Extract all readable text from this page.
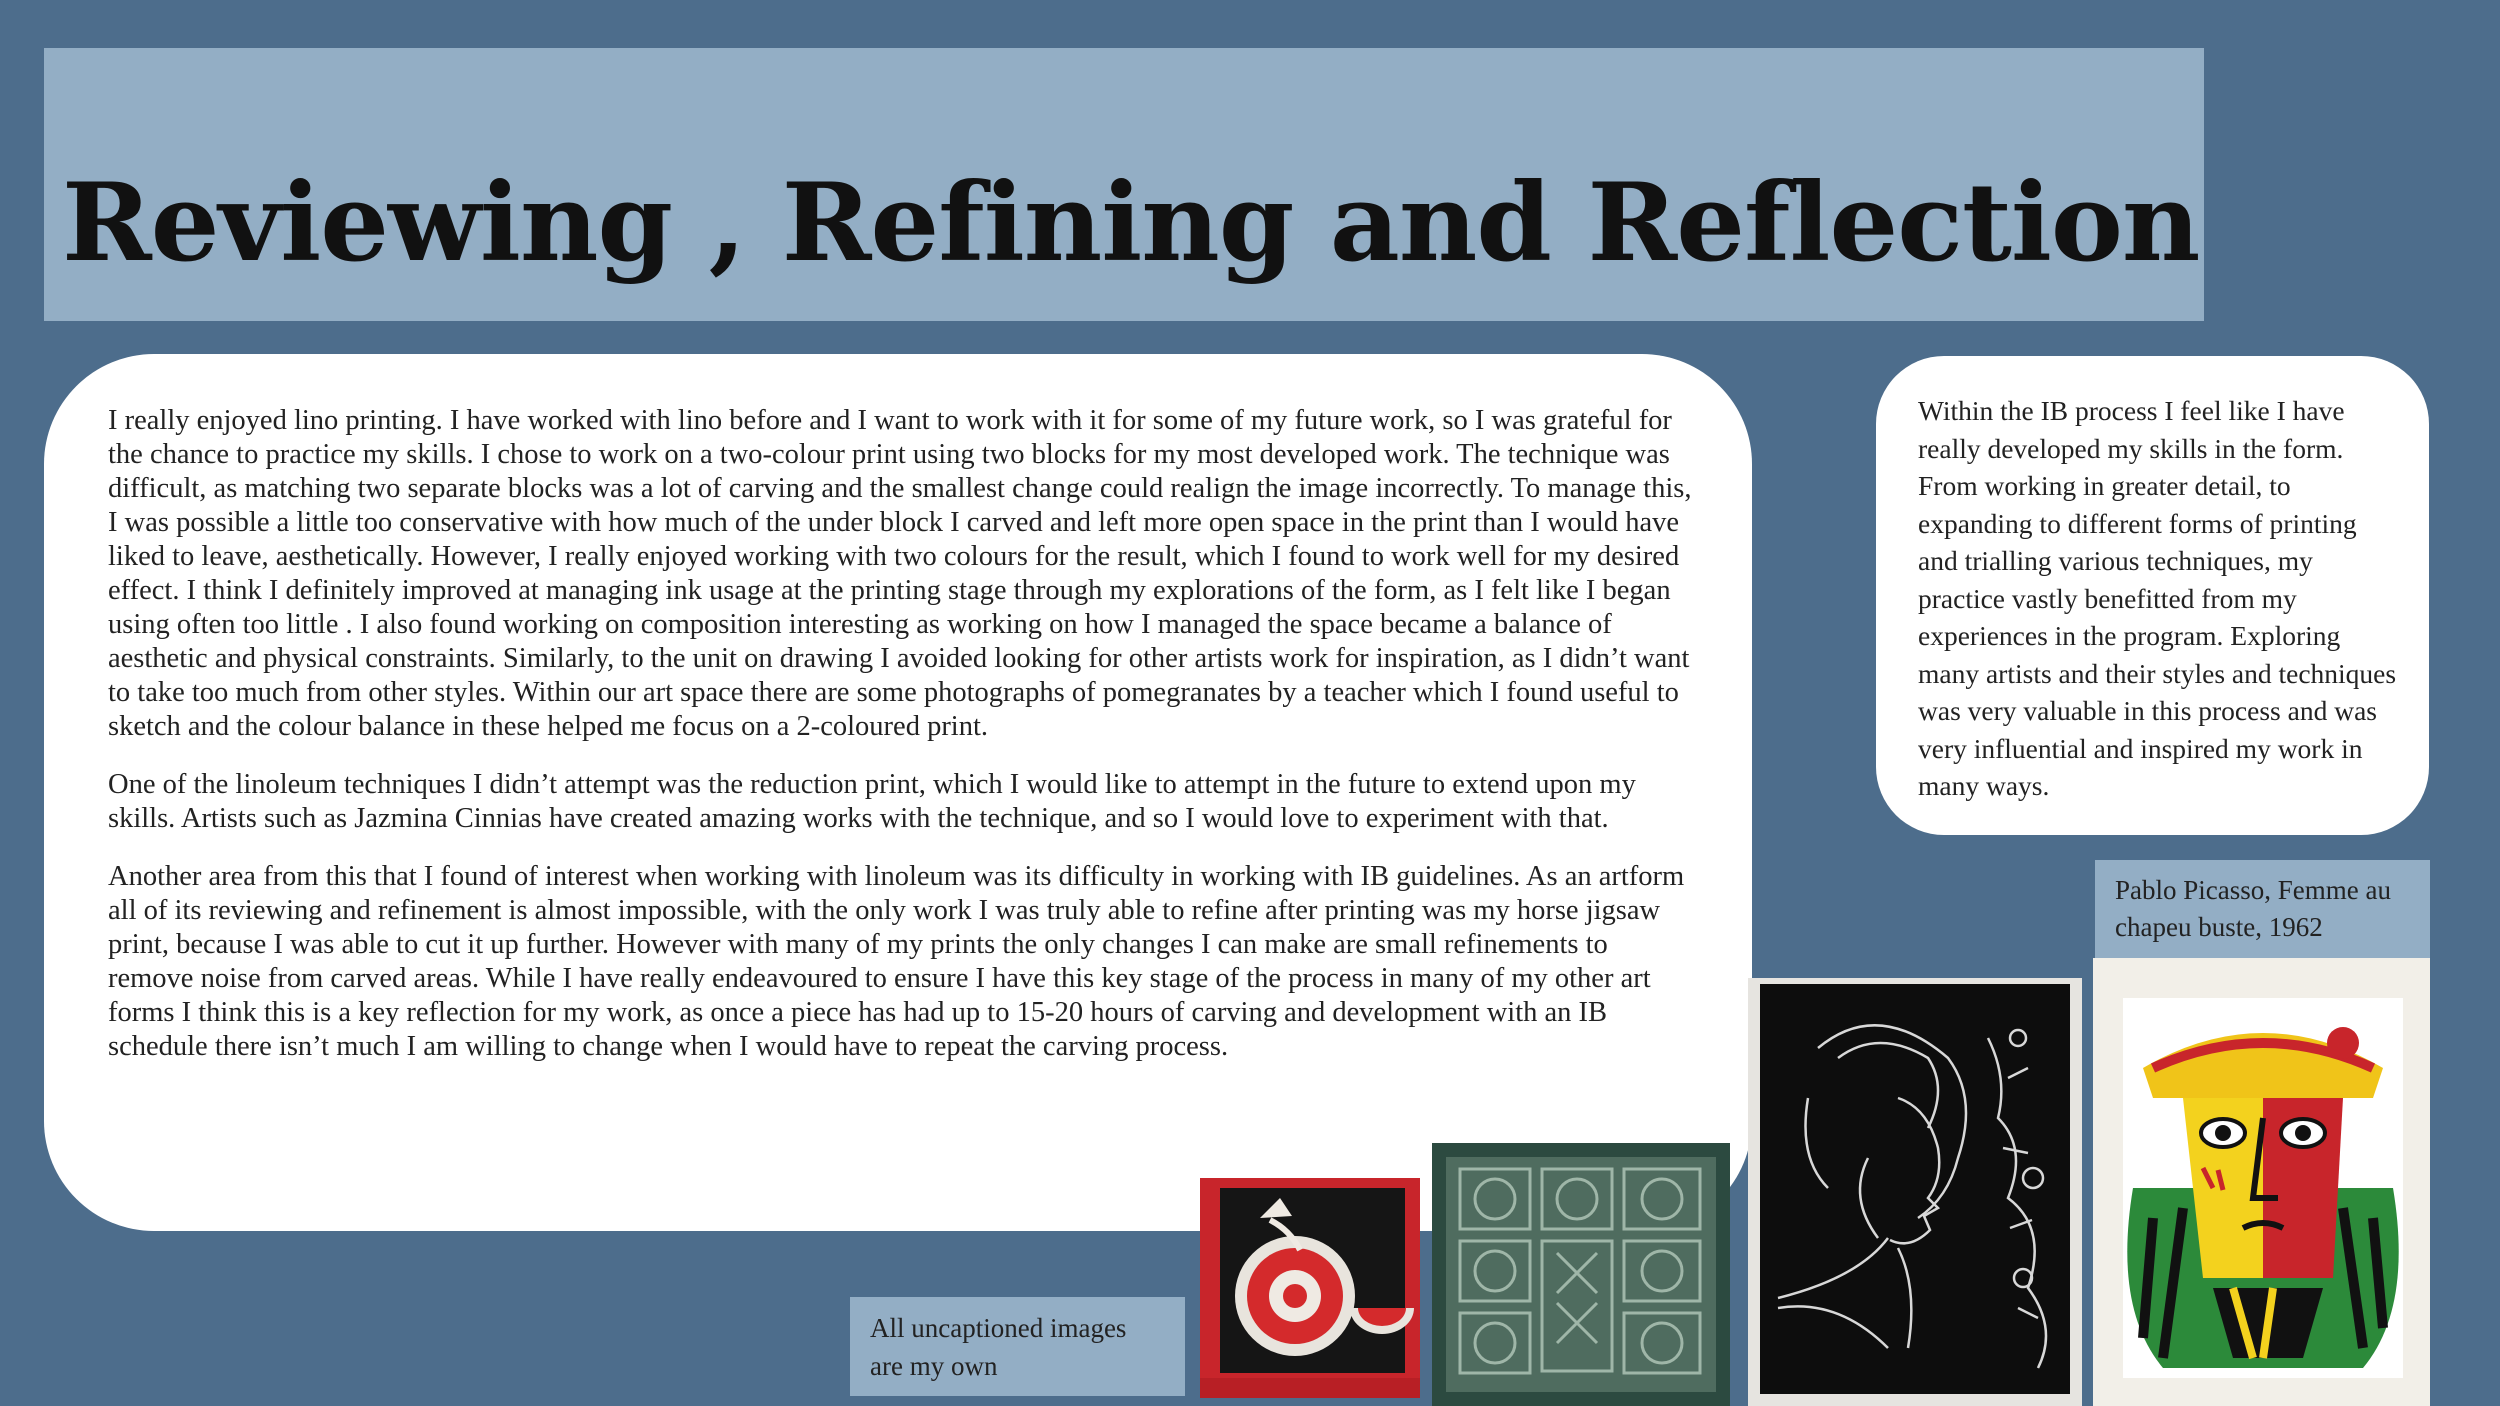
Reviewing , Refining and Reflection

I really enjoyed lino printing. I have worked with lino before and I want to work with it for some of my future work, so I was grateful for the chance to practice my skills. I chose to work on a two-colour print using two blocks for my most developed work. The technique was difficult, as matching two separate blocks was a lot of carving and the smallest change could realign the image incorrectly. To manage this, I was possible a little too conservative with how much of the under block I carved and left more open space in the print than I would have liked to leave, aesthetically. However, I really enjoyed working with two colours for the result, which I found to work well for my desired effect. I think I definitely improved at managing ink usage at the printing stage through my explorations of the form, as I felt like I began using often too little . I also found working on composition interesting as working on how I managed the space became a balance of aesthetic and physical constraints. Similarly, to the unit on drawing I avoided looking for other artists work for inspiration, as I didn’t want to take too much from other styles. Within our art space there are some photographs of pomegranates by a teacher which I found useful to sketch and the colour balance in these helped me focus on a 2-coloured print.

One of the linoleum techniques I didn’t attempt was the reduction print, which I would like to attempt in the future to extend upon my skills. Artists such as Jazmina Cinnias have created amazing works with the technique, and so I would love to experiment with that.

Another area from this that I found of interest when working with linoleum was its difficulty in working with IB guidelines. As an artform all of its reviewing and refinement is almost impossible, with the only work I was truly able to refine after printing was my horse jigsaw print, because I was able to cut it up further. However with many of my prints the only changes I can make are small refinements to remove noise from carved areas. While I have really endeavoured to ensure I have this key stage of the process in many of my other art forms I think this is a key reflection for my work, as once a piece has had up to 15-20 hours of carving and development with an IB schedule there isn’t much I am willing to change when I would have to repeat the carving process.

Within the IB process I feel like I have really developed my skills in the form. From working in greater detail, to expanding to different forms of printing and trialling various techniques, my practice vastly benefitted from my experiences in the program. Exploring many artists and their styles and techniques was very valuable in this process and was very influential and inspired my work in many ways.

Pablo Picasso, Femme au chapeu buste, 1962
All uncaptioned images are my own
